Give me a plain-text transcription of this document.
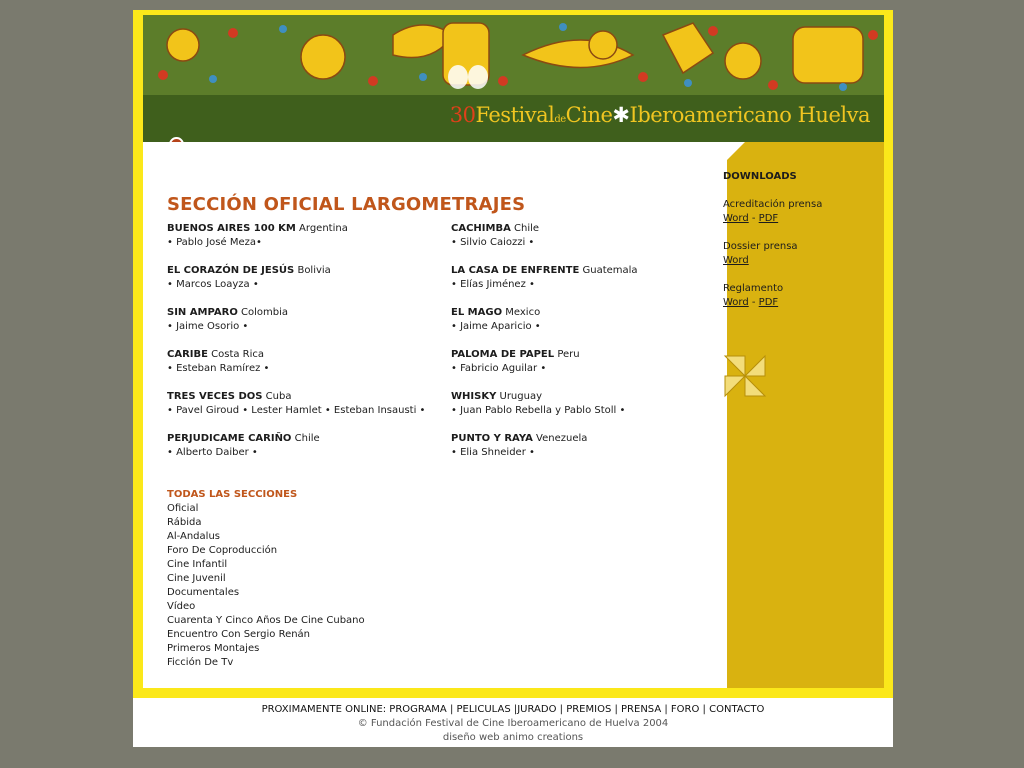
30FestivaldeCine✱Iberoamericano Huelva
SECCIÓN OFICIAL LARGOMETRAJES
BUENOS AIRES 100 KM Argentina
• Pablo José Meza•
EL CORAZÓN DE JESÚS Bolivia
• Marcos Loayza •
SIN AMPARO Colombia
• Jaime Osorio •
CARIBE Costa Rica
• Esteban Ramírez •
TRES VECES DOS Cuba
• Pavel Giroud • Lester Hamlet • Esteban Insausti •
PERJUDICAME CARIÑO Chile
• Alberto Daiber •
CACHIMBA Chile
• Silvio Caiozzi •
LA CASA DE ENFRENTE Guatemala
• Elías Jiménez •
EL MAGO Mexico
• Jaime Aparicio •
PALOMA DE PAPEL Peru
• Fabricio Aguilar •
WHISKY Uruguay
• Juan Pablo Rebella y Pablo Stoll •
PUNTO Y RAYA Venezuela
• Elia Shneider •
TODAS LAS SECCIONES
Oficial
Rábida
Al-Andalus
Foro De Coproducción
Cine Infantil
Cine Juvenil
Documentales
Vídeo
Cuarenta Y Cinco Años De Cine Cubano
Encuentro Con Sergio Renán
Primeros Montajes
Ficción De Tv
DOWNLOADS
Acreditación prensa
Word - PDF
Dossier prensa
Word
Reglamento
Word - PDF
PROXIMAMENTE ONLINE: PROGRAMA | PELICULAS |JURADO | PREMIOS | PRENSA | FORO | CONTACTO
© Fundación Festival de Cine Iberoamericano de Huelva 2004
diseño web animo creations
